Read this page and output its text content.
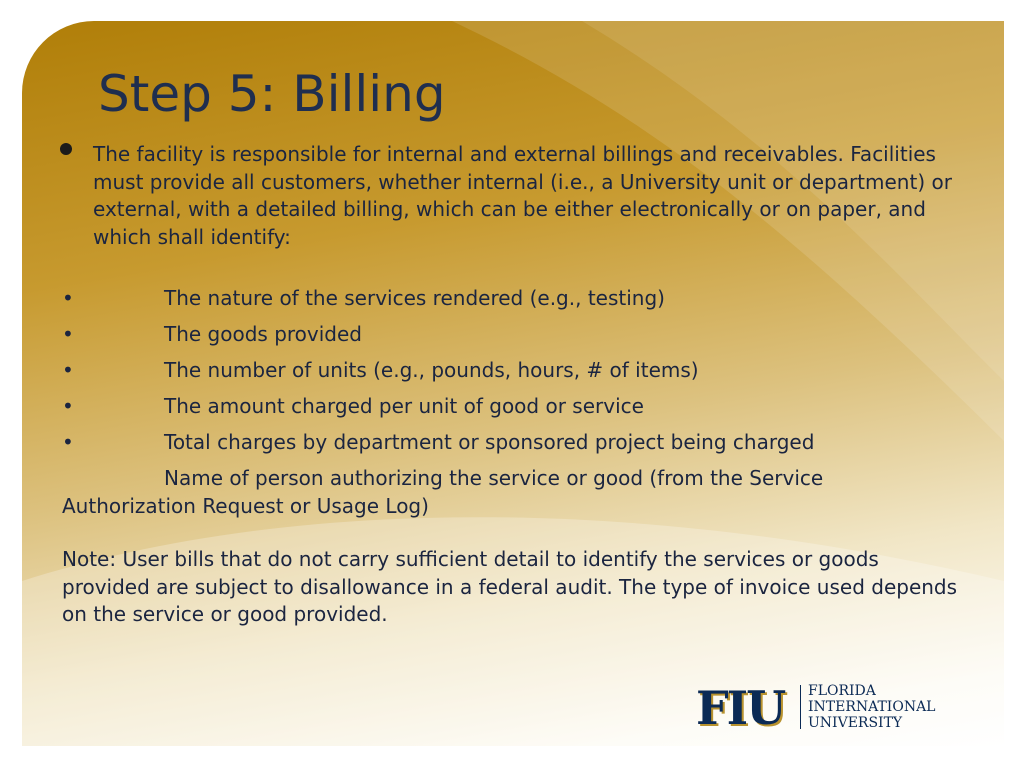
Step 5: Billing

The facility is responsible for internal and external billings and receivables. Facilities must provide all customers, whether internal (i.e., a University unit or department) or external, with a detailed billing, which can be either electronically or on paper, and which shall identify:

•	The nature of the services rendered (e.g., testing)
•	The goods provided
•	The number of units (e.g., pounds, hours, # of items)
•	The amount charged per unit of good or service
•	Total charges by department or sponsored project being charged
Name of person authorizing the service or good (from the Service Authorization Request or Usage Log)

Note: User bills that do not carry sufficient detail to identify the services or goods provided are subject to disallowance in a federal audit. The type of invoice used depends on the service or good provided.

FIU FLORIDA
INTERNATIONAL
UNIVERSITY
